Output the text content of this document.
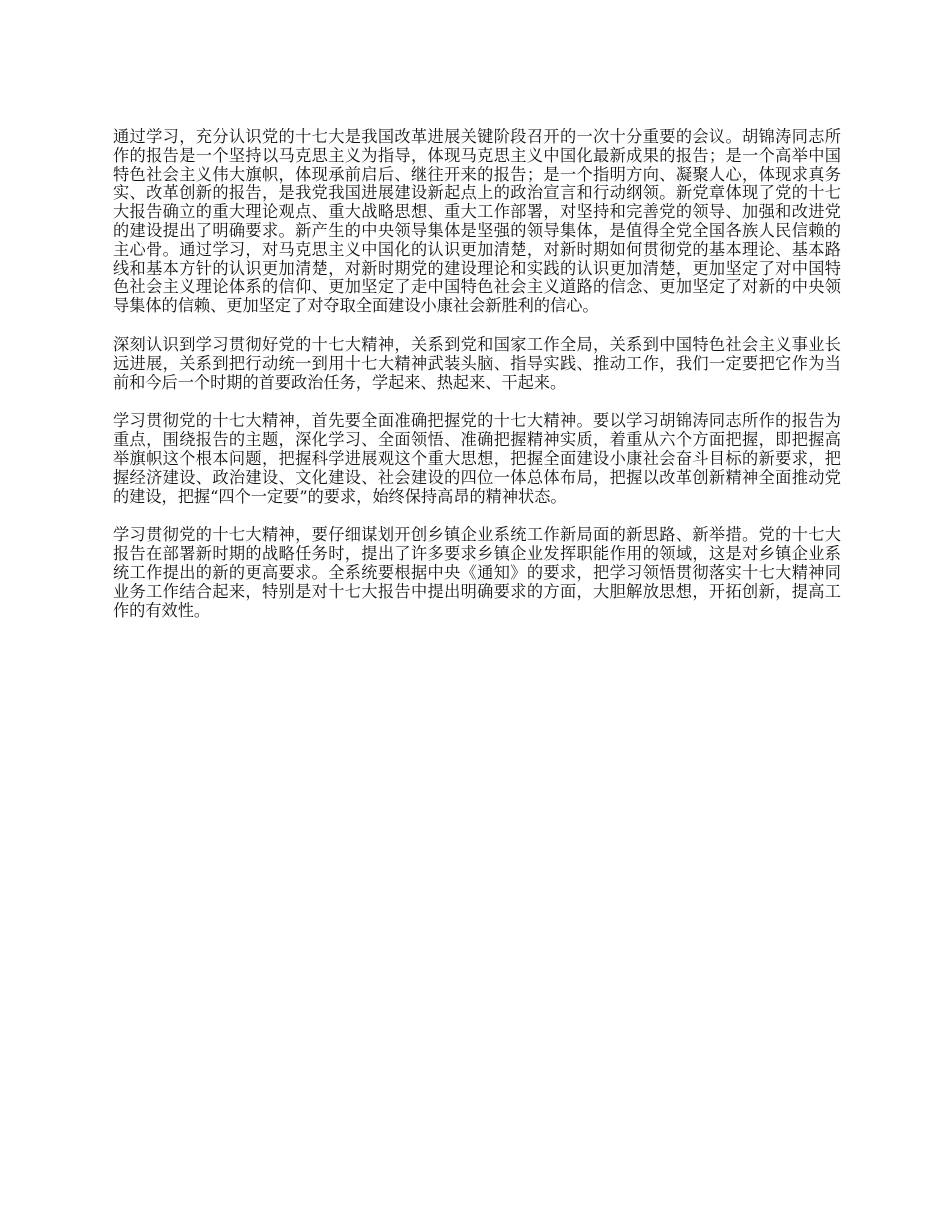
通过学习，充分认识党的十七大是我国改革进展关键阶段召开的一次十分重要的会议。胡锦涛同志所作的报告是一个坚持以马克思主义为指导，体现马克思主义中国化最新成果的报告；是一个高举中国特色社会主义伟大旗帜，体现承前启后、继往开来的报告；是一个指明方向、凝聚人心，体现求真务实、改革创新的报告，是我党我国进展建设新起点上的政治宣言和行动纲领。新党章体现了党的十七大报告确立的重大理论观点、重大战略思想、重大工作部署，对坚持和完善党的领导、加强和改进党的建设提出了明确要求。新产生的中央领导集体是坚强的领导集体，是值得全党全国各族人民信赖的主心骨。通过学习，对马克思主义中国化的认识更加清楚，对新时期如何贯彻党的基本理论、基本路线和基本方针的认识更加清楚，对新时期党的建设理论和实践的认识更加清楚，更加坚定了对中国特色社会主义理论体系的信仰、更加坚定了走中国特色社会主义道路的信念、更加坚定了对新的中央领导集体的信赖、更加坚定了对夺取全面建设小康社会新胜利的信心。

深刻认识到学习贯彻好党的十七大精神，关系到党和国家工作全局，关系到中国特色社会主义事业长远进展，关系到把行动统一到用十七大精神武装头脑、指导实践、推动工作，我们一定要把它作为当前和今后一个时期的首要政治任务，学起来、热起来、干起来。

学习贯彻党的十七大精神，首先要全面准确把握党的十七大精神。要以学习胡锦涛同志所作的报告为重点，围绕报告的主题，深化学习、全面领悟、准确把握精神实质，着重从六个方面把握，即把握高举旗帜这个根本问题，把握科学进展观这个重大思想，把握全面建设小康社会奋斗目标的新要求，把握经济建设、政治建设、文化建设、社会建设的四位一体总体布局，把握以改革创新精神全面推动党的建设，把握“四个一定要”的要求，始终保持高昂的精神状态。

学习贯彻党的十七大精神，要仔细谋划开创乡镇企业系统工作新局面的新思路、新举措。党的十七大报告在部署新时期的战略任务时，提出了许多要求乡镇企业发挥职能作用的领域，这是对乡镇企业系统工作提出的新的更高要求。全系统要根据中央《通知》的要求，把学习领悟贯彻落实十七大精神同业务工作结合起来，特别是对十七大报告中提出明确要求的方面，大胆解放思想，开拓创新，提高工作的有效性。
